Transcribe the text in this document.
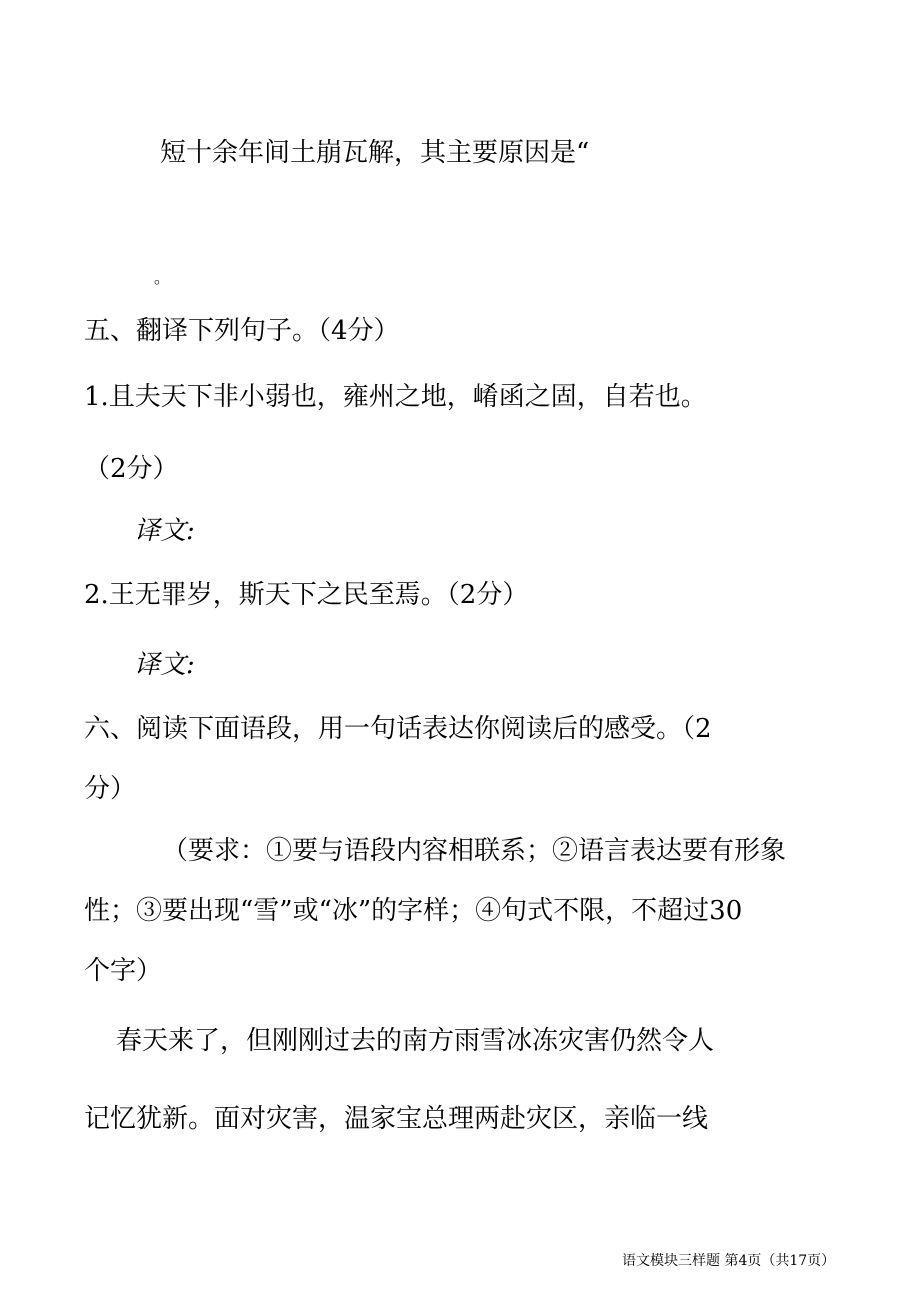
短十余年间土崩瓦解，其主要原因是“
。
五、翻译下列句子。（4分）
1.且夫天下非小弱也，雍州之地，崤函之固，自若也。
（2分）
译文:
2.王无罪岁，斯天下之民至焉。（2分）
译文:
六、阅读下面语段，用一句话表达你阅读后的感受。（2
分）
（要求：①要与语段内容相联系；②语言表达要有形象
性；③要出现“雪”或“冰”的字样；④句式不限，不超过30
个字）
春天来了，但刚刚过去的南方雨雪冰冻灾害仍然令人
记忆犹新。面对灾害，温家宝总理两赴灾区，亲临一线
语文模块三样题 第4页（共17页）
